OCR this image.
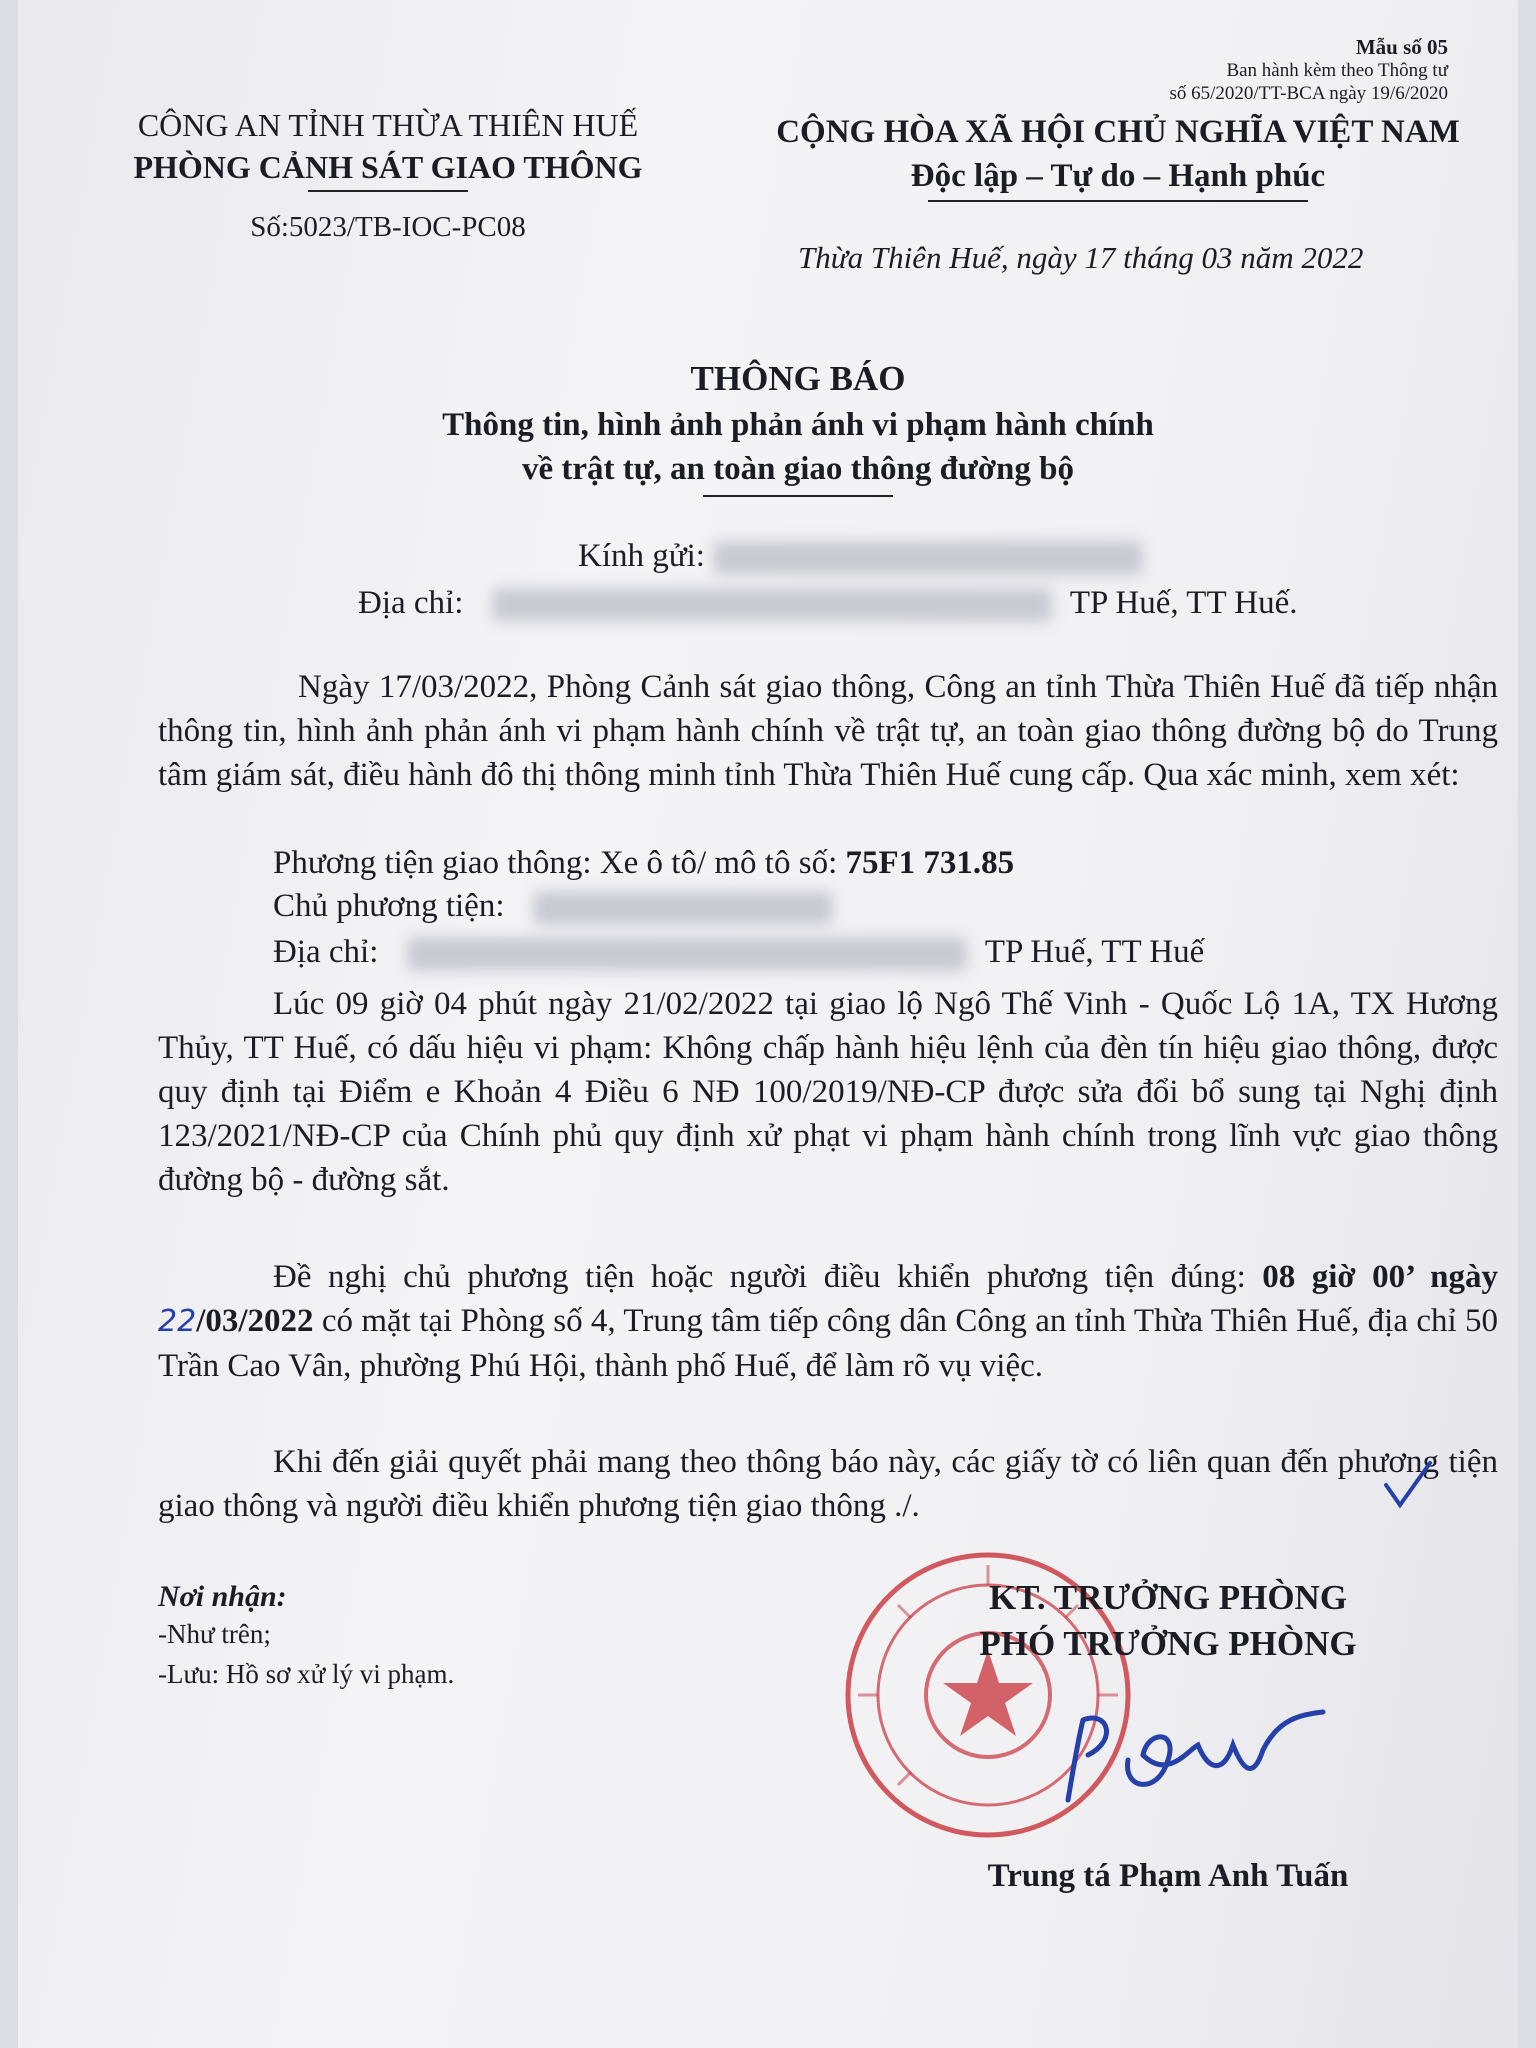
Mẫu số 05
Ban hành kèm theo Thông tư
số 65/2020/TT-BCA ngày 19/6/2020
CÔNG AN TỈNH THỪA THIÊN HUẾ
PHÒNG CẢNH SÁT GIAO THÔNG
Số:5023/TB-IOC-PC08
CỘNG HÒA XÃ HỘI CHỦ NGHĨA VIỆT NAM
Độc lập – Tự do – Hạnh phúc
Thừa Thiên Huế, ngày 17 tháng 03 năm 2022
THÔNG BÁO
Thông tin, hình ảnh phản ánh vi phạm hành chính
về trật tự, an toàn giao thông đường bộ
Kính gửi:
Địa chỉ:	TP Huế, TT Huế.
Ngày 17/03/2022, Phòng Cảnh sát giao thông, Công an tỉnh Thừa Thiên Huế đã tiếp nhận thông tin, hình ảnh phản ánh vi phạm hành chính về trật tự, an toàn giao thông đường bộ do Trung tâm giám sát, điều hành đô thị thông minh tỉnh Thừa Thiên Huế cung cấp. Qua xác minh, xem xét:
Phương tiện giao thông: Xe ô tô/ mô tô số: 75F1 731.85
Chủ phương tiện:
Địa chỉ:	TP Huế, TT Huế
Lúc 09 giờ 04 phút ngày 21/02/2022 tại giao lộ Ngô Thế Vinh - Quốc Lộ 1A, TX Hương Thủy, TT Huế, có dấu hiệu vi phạm: Không chấp hành hiệu lệnh của đèn tín hiệu giao thông, được quy định tại Điểm e Khoản 4 Điều 6 NĐ 100/2019/NĐ-CP được sửa đổi bổ sung tại Nghị định 123/2021/NĐ-CP của Chính phủ quy định xử phạt vi phạm hành chính trong lĩnh vực giao thông đường bộ - đường sắt.
Đề nghị chủ phương tiện hoặc người điều khiển phương tiện đúng: 08 giờ 00’ ngày 22/03/2022 có mặt tại Phòng số 4, Trung tâm tiếp công dân Công an tỉnh Thừa Thiên Huế, địa chỉ 50 Trần Cao Vân, phường Phú Hội, thành phố Huế, để làm rõ vụ việc.
Khi đến giải quyết phải mang theo thông báo này, các giấy tờ có liên quan đến phương tiện giao thông và người điều khiển phương tiện giao thông ./.
Nơi nhận:
-Như trên;
-Lưu: Hồ sơ xử lý vi phạm.
KT. TRƯỞNG PHÒNG
PHÓ TRƯỞNG PHÒNG
Trung tá Phạm Anh Tuấn
